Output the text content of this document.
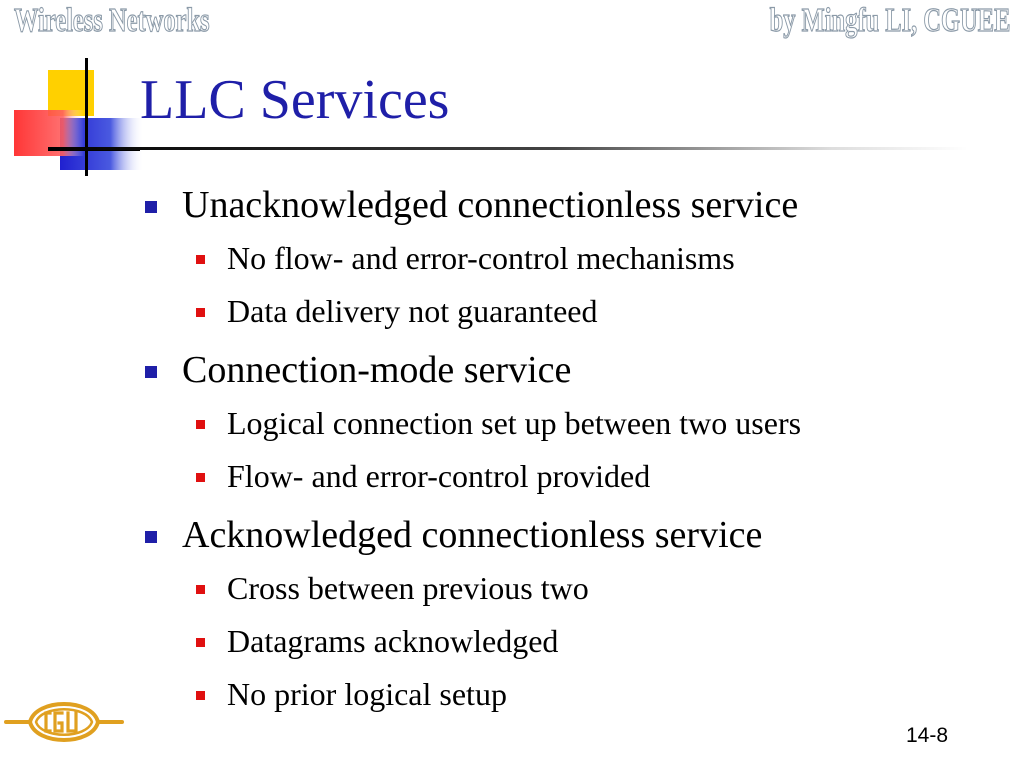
Wireless Networks	by Mingfu LI, CGUEE
LLC Services
Unacknowledged connectionless service
No flow- and error-control mechanisms
Data delivery not guaranteed
Connection-mode service
Logical connection set up between two users
Flow- and error-control provided
Acknowledged connectionless service
Cross between previous two
Datagrams acknowledged
No prior logical setup
14-8
